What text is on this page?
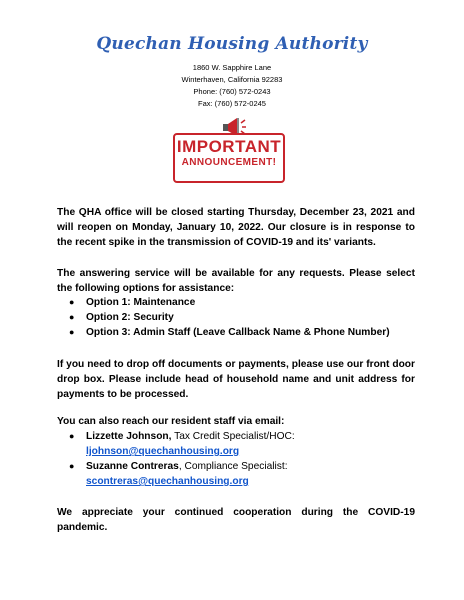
Quechan Housing Authority
1860 W. Sapphire Lane
Winterhaven, California 92283
Phone: (760) 572-0243
Fax: (760) 572-0245
IMPORTANT
ANNOUNCEMENT!
The QHA office will be closed starting Thursday, December 23, 2021 and will reopen on Monday, January 10, 2022. Our closure is in response to the recent spike in the transmission of COVID-19 and its' variants.
The answering service will be available for any requests. Please select the following options for assistance:
● Option 1: Maintenance
● Option 2: Security
● Option 3: Admin Staff (Leave Callback Name & Phone Number)
If you need to drop off documents or payments, please use our front door drop box. Please include head of household name and unit address for payments to be processed.
You can also reach our resident staff via email:
● Lizzette Johnson, Tax Credit Specialist/HOC:
ljohnson@quechanhousing.org
● Suzanne Contreras, Compliance Specialist:
scontreras@quechanhousing.org
We appreciate your continued cooperation during the COVID-19 pandemic.
